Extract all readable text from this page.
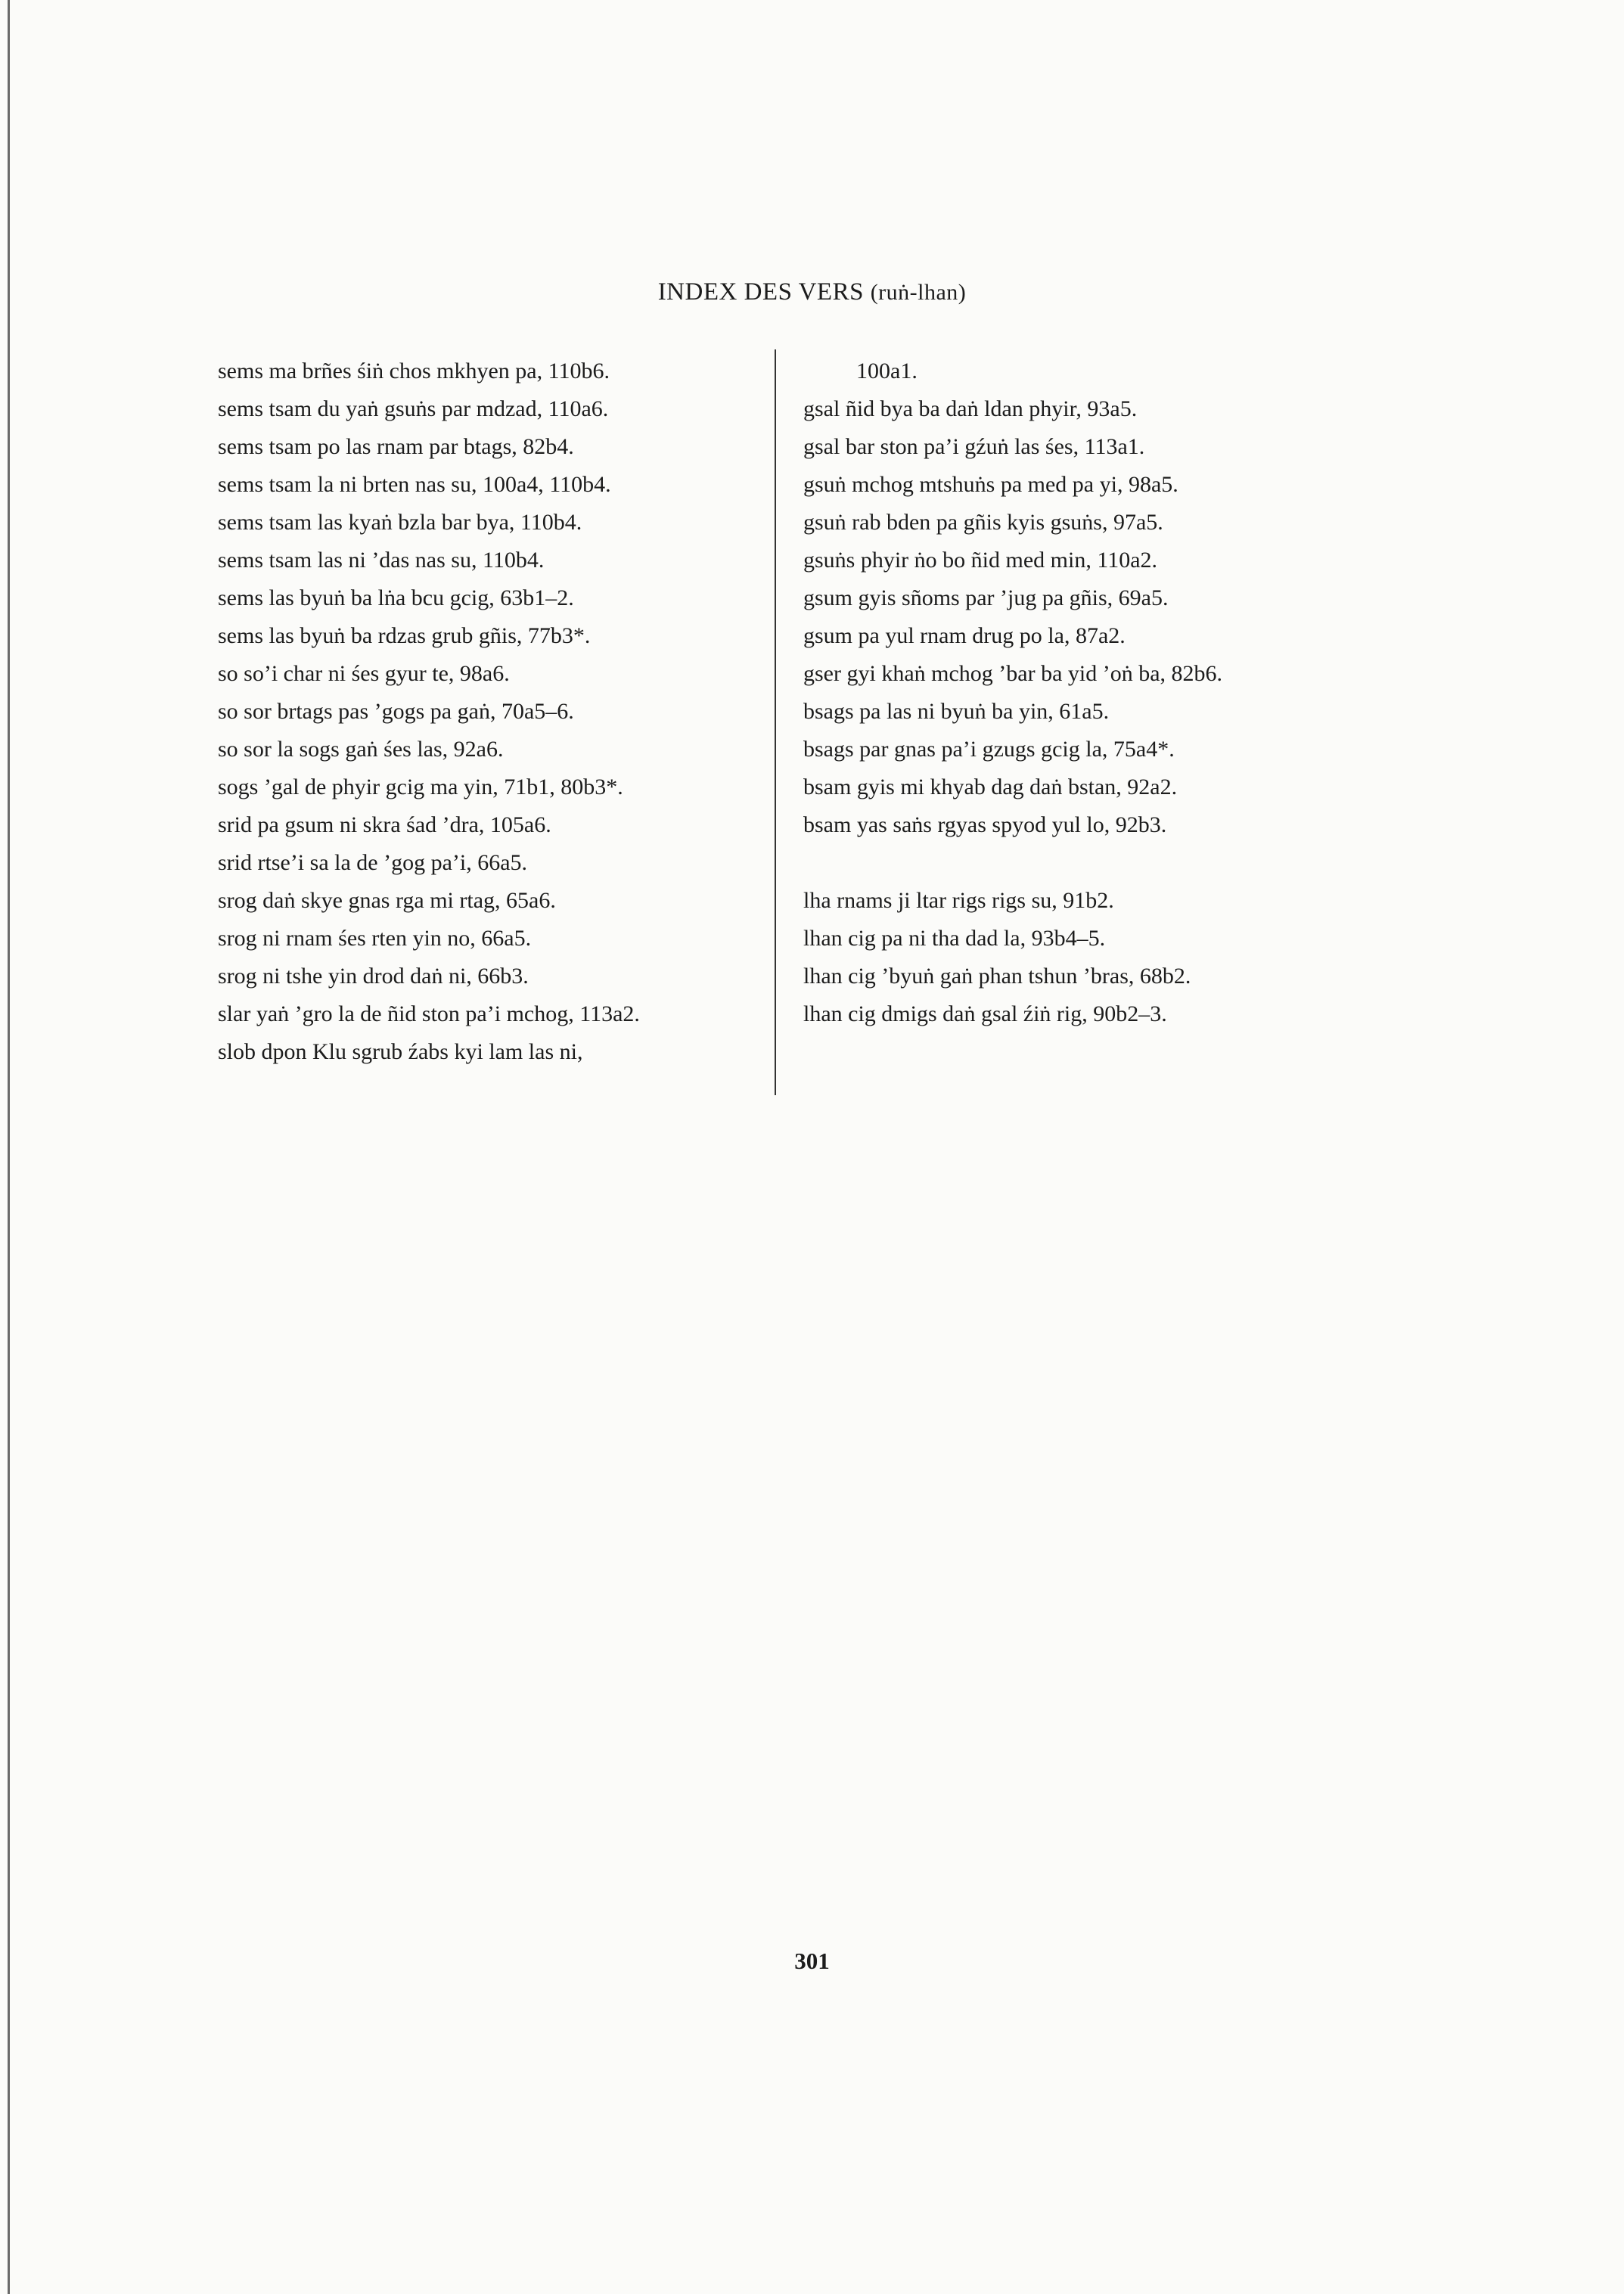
INDEX DES VERS (ruṅ-lhan)
sems ma brñes śiṅ chos mkhyen pa, 110b6.
sems tsam du yaṅ gsuṅs par mdzad, 110a6.
sems tsam po las rnam par btags, 82b4.
sems tsam la ni brten nas su, 100a4, 110b4.
sems tsam las kyaṅ bzla bar bya, 110b4.
sems tsam las ni ’das nas su, 110b4.
sems las byuṅ ba lṅa bcu gcig, 63b1–2.
sems las byuṅ ba rdzas grub gñis, 77b3*.
so so’i char ni śes gyur te, 98a6.
so sor brtags pas ’gogs pa gaṅ, 70a5–6.
so sor la sogs gaṅ śes las, 92a6.
sogs ’gal de phyir gcig ma yin, 71b1, 80b3*.
srid pa gsum ni skra śad ’dra, 105a6.
srid rtse’i sa la de ’gog pa’i, 66a5.
srog daṅ skye gnas rga mi rtag, 65a6.
srog ni rnam śes rten yin no, 66a5.
srog ni tshe yin drod daṅ ni, 66b3.
slar yaṅ ’gro la de ñid ston pa’i mchog, 113a2.
slob dpon Klu sgrub źabs kyi lam las ni,
100a1.
gsal ñid bya ba daṅ ldan phyir, 93a5.
gsal bar ston pa’i gźuṅ las śes, 113a1.
gsuṅ mchog mtshuṅs pa med pa yi, 98a5.
gsuṅ rab bden pa gñis kyis gsuṅs, 97a5.
gsuṅs phyir ṅo bo ñid med min, 110a2.
gsum gyis sñoms par ’jug pa gñis, 69a5.
gsum pa yul rnam drug po la, 87a2.
gser gyi khaṅ mchog ’bar ba yid ’oṅ ba, 82b6.
bsags pa las ni byuṅ ba yin, 61a5.
bsags par gnas pa’i gzugs gcig la, 75a4*.
bsam gyis mi khyab dag daṅ bstan, 92a2.
bsam yas saṅs rgyas spyod yul lo, 92b3.
lha rnams ji ltar rigs rigs su, 91b2.
lhan cig pa ni tha dad la, 93b4–5.
lhan cig ’byuṅ gaṅ phan tshun ’bras, 68b2.
lhan cig dmigs daṅ gsal źiṅ rig, 90b2–3.
301
